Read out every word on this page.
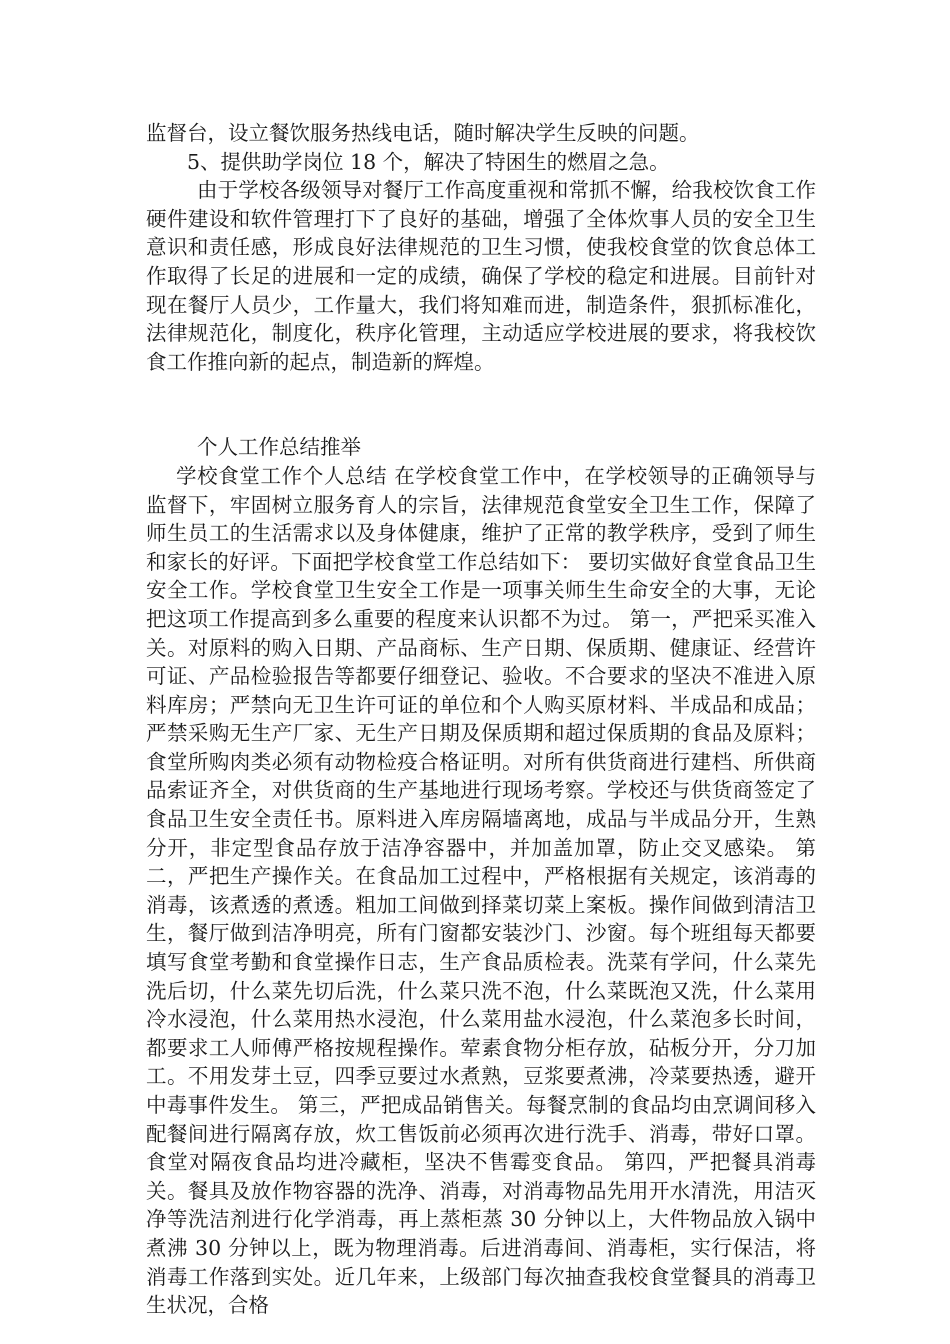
监督台，设立餐饮服务热线电话，随时解决学生反映的问题。

5、提供助学岗位 18 个，解决了特困生的燃眉之急。

由于学校各级领导对餐厅工作高度重视和常抓不懈，给我校饮食工作硬件建设和软件管理打下了良好的基础，增强了全体炊事人员的安全卫生意识和责任感，形成良好法律规范的卫生习惯，使我校食堂的饮食总体工作取得了长足的进展和一定的成绩，确保了学校的稳定和进展。目前针对现在餐厅人员少，工作量大，我们将知难而进，制造条件，狠抓标准化，法律规范化，制度化，秩序化管理，主动适应学校进展的要求，将我校饮食工作推向新的起点，制造新的辉煌。

个人工作总结推举

学校食堂工作个人总结 在学校食堂工作中，在学校领导的正确领导与监督下，牢固树立服务育人的宗旨，法律规范食堂安全卫生工作，保障了师生员工的生活需求以及身体健康，维护了正常的教学秩序，受到了师生和家长的好评。下面把学校食堂工作总结如下： 要切实做好食堂食品卫生安全工作。学校食堂卫生安全工作是一项事关师生生命安全的大事，无论把这项工作提高到多么重要的程度来认识都不为过。 第一，严把采买准入关。对原料的购入日期、产品商标、生产日期、保质期、健康证、经营许可证、产品检验报告等都要仔细登记、验收。不合要求的坚决不准进入原料库房；严禁向无卫生许可证的单位和个人购买原材料、半成品和成品；严禁采购无生产厂家、无生产日期及保质期和超过保质期的食品及原料；食堂所购肉类必须有动物检疫合格证明。对所有供货商进行建档、所供商品索证齐全，对供货商的生产基地进行现场考察。学校还与供货商签定了食品卫生安全责任书。原料进入库房隔墙离地，成品与半成品分开，生熟分开，非定型食品存放于洁净容器中，并加盖加罩，防止交叉感染。 第二，严把生产操作关。在食品加工过程中，严格根据有关规定，该消毒的消毒，该煮透的煮透。粗加工间做到择菜切菜上案板。操作间做到清洁卫生，餐厅做到洁净明亮，所有门窗都安装沙门、沙窗。每个班组每天都要填写食堂考勤和食堂操作日志，生产食品质检表。洗菜有学问，什么菜先洗后切，什么菜先切后洗，什么菜只洗不泡，什么菜既泡又洗，什么菜用冷水浸泡，什么菜用热水浸泡，什么菜用盐水浸泡，什么菜泡多长时间，都要求工人师傅严格按规程操作。荤素食物分柜存放，砧板分开，分刀加工。不用发芽土豆，四季豆要过水煮熟，豆浆要煮沸，冷菜要热透，避开中毒事件发生。 第三，严把成品销售关。每餐烹制的食品均由烹调间移入配餐间进行隔离存放，炊工售饭前必须再次进行洗手、消毒，带好口罩。食堂对隔夜食品均进冷藏柜，坚决不售霉变食品。 第四，严把餐具消毒关。餐具及放作物容器的洗净、消毒，对消毒物品先用开水清洗，用洁灭净等洗洁剂进行化学消毒，再上蒸柜蒸 30 分钟以上，大件物品放入锅中煮沸 30 分钟以上，既为物理消毒。后进消毒间、消毒柜，实行保洁，将消毒工作落到实处。近几年来，上级部门每次抽查我校食堂餐具的消毒卫生状况，合格
